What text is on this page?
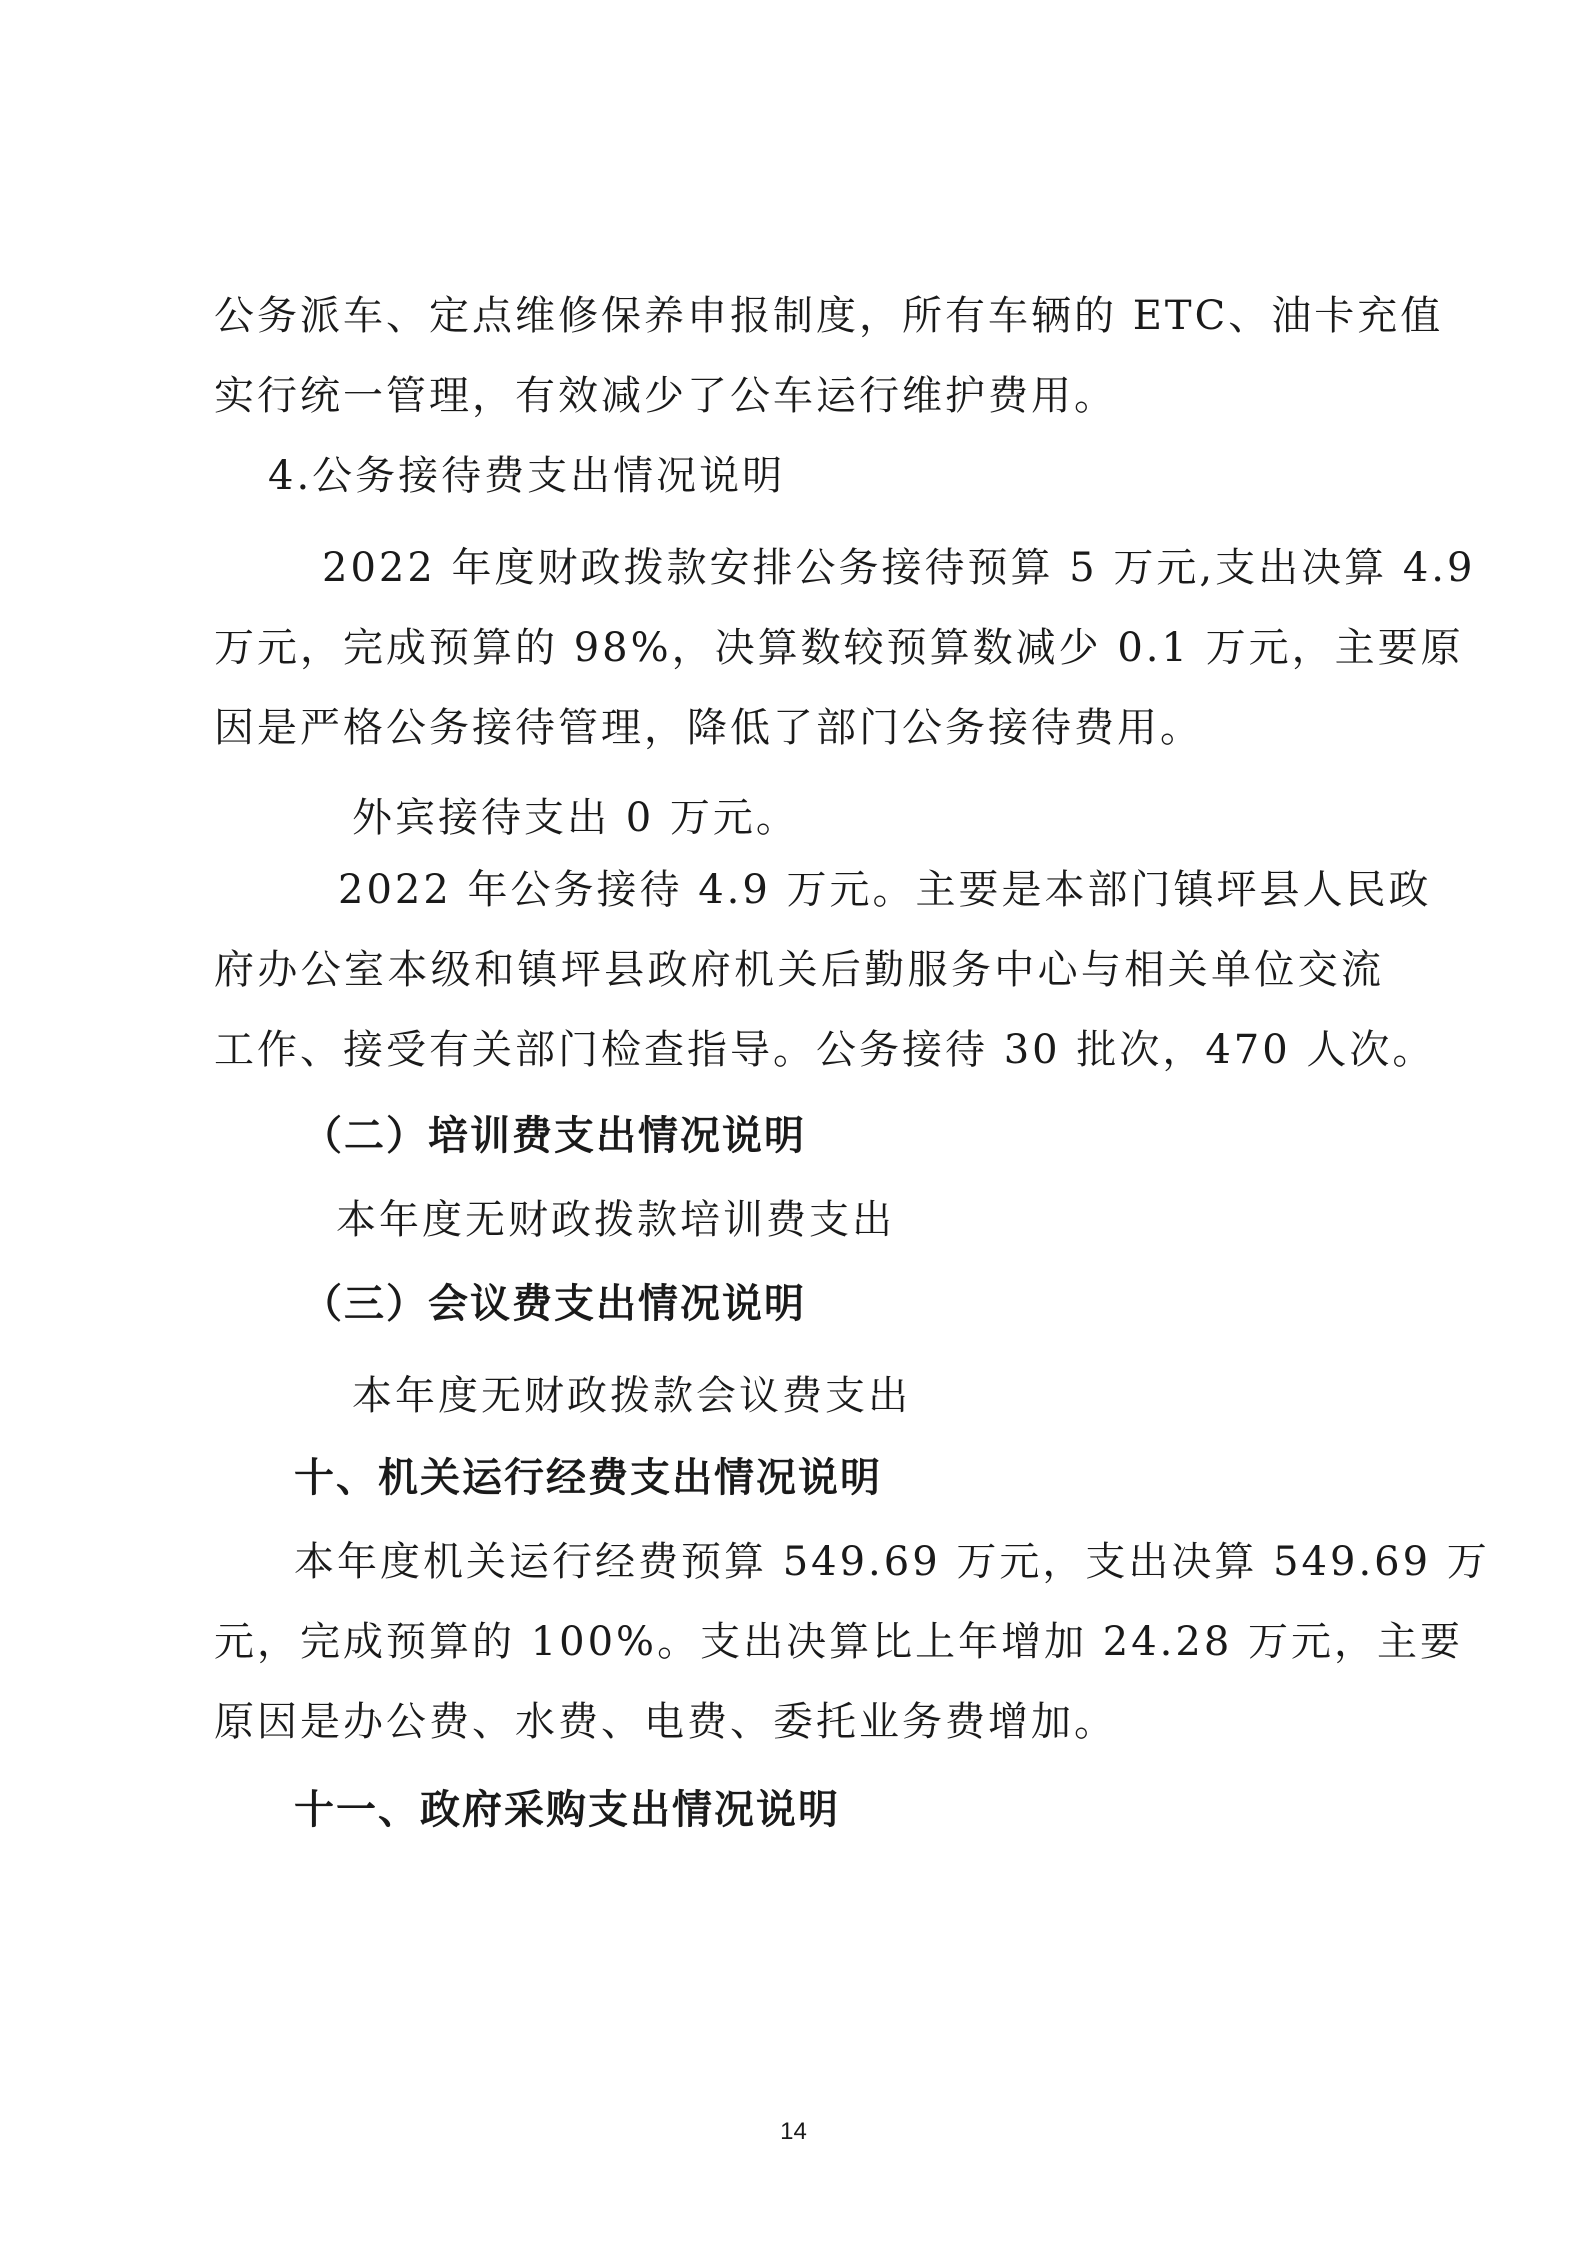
公务派车、定点维修保养申报制度，所有车辆的 ETC、油卡充值
实行统一管理，有效减少了公车运行维护费用。
4.公务接待费支出情况说明
2022 年度财政拨款安排公务接待预算 5 万元,支出决算 4.9
万元，完成预算的 98%，决算数较预算数减少 0.1 万元，主要原
因是严格公务接待管理，降低了部门公务接待费用。
外宾接待支出 0 万元。
2022 年公务接待 4.9 万元。主要是本部门镇坪县人民政
府办公室本级和镇坪县政府机关后勤服务中心与相关单位交流
工作、接受有关部门检查指导。公务接待 30 批次，470 人次。
（二）培训费支出情况说明
本年度无财政拨款培训费支出
（三）会议费支出情况说明
本年度无财政拨款会议费支出
十、机关运行经费支出情况说明
本年度机关运行经费预算 549.69 万元，支出决算 549.69 万
元，完成预算的 100%。支出决算比上年增加 24.28 万元，主要
原因是办公费、水费、电费、委托业务费增加。
十一、政府采购支出情况说明
14
